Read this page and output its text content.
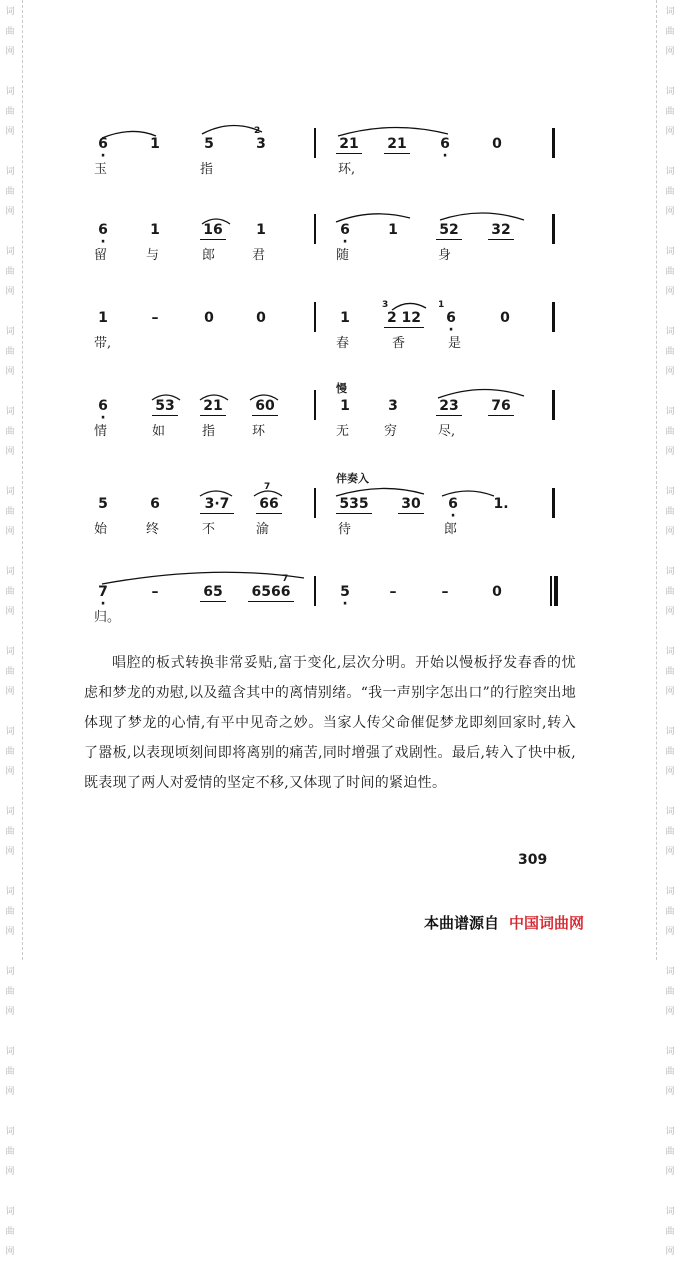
词
曲
网

词
曲
网

词
曲
网

词
曲
网

词
曲
网

词
曲
网

词
曲
网

词
曲
网

词
曲
网

词
曲
网

词
曲
网

词
曲
网

词
曲
网

词
曲
网

词
曲
网

词
曲
网

词
曲
网

词
曲
网

词
曲
网

词
曲
网

词
曲
网

词
曲
网

词
曲
网

词
曲
网

词
曲
网

词
曲
网

词
曲
网

词
曲
网

词
曲
网

词
曲
网

词
曲
网

词
曲
网

2
6 ·	1	5	3	21 21 6 ·	0
玉	指	环,
6 ·	1	16 1	6 ·	1	52 32
留	与	郎	君	随	身
3	1
1	–	0	0	1	2 12 6 ·	0
带,	春	香	是
慢
6 ·	53 21 60	1	3	23 76
情	如	指	环	无	穷	尽,
伴奏入
7
5	6	3·7	66	535 30 6 ·	1.
始	终	不	渝	待	郎
7
7 ·	–	65 6566	5 ·	–	–	0
归。

唱腔的板式转换非常妥贴,富于变化,层次分明。开始以慢板抒发春香的忧虑和梦龙的劝慰,以及蕴含其中的离情别绪。“我一声别字怎出口”的行腔突出地体现了梦龙的心情,有平中见奇之妙。当家人传父命催促梦龙即刻回家时,转入了嚣板,以表现顷刻间即将离别的痛苦,同时增强了戏剧性。最后,转入了快中板,既表现了两人对爱情的坚定不移,又体现了时间的紧迫性。

309
本曲谱源自 中国词曲网
